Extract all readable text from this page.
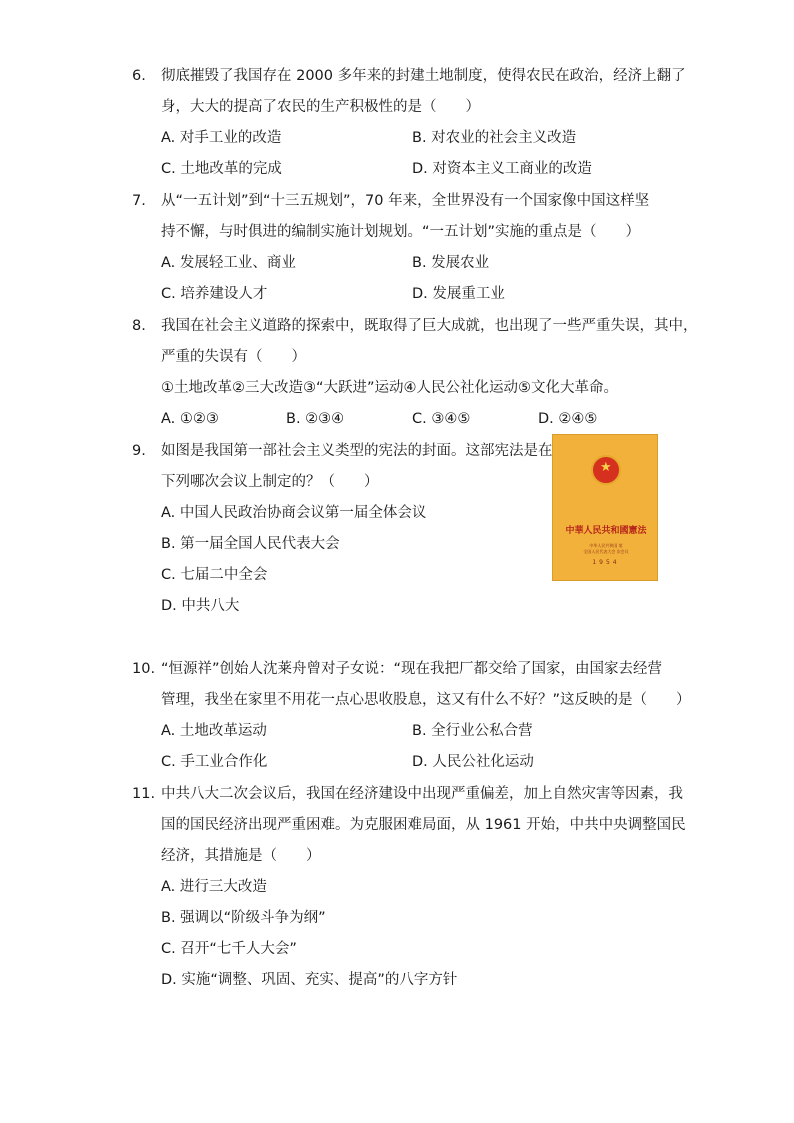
6. 彻底摧毁了我国存在 2000 多年来的封建土地制度，使得农民在政治，经济上翻了
身，大大的提高了农民的生产积极性的是（　　）
A. 对手工业的改造	B. 对农业的社会主义改造
C. 土地改革的完成	D. 对资本主义工商业的改造
7. 从“一五计划”到“十三五规划”，70 年来，全世界没有一个国家像中国这样坚
持不懈，与时俱进的编制实施计划规划。“一五计划”实施的重点是（　　）
A. 发展轻工业、商业	B. 发展农业
C. 培养建设人才	D. 发展重工业
8. 我国在社会主义道路的探索中，既取得了巨大成就，也出现了一些严重失误，其中，
严重的失误有（　　）
①土地改革②三大改造③“大跃进”运动④人民公社化运动⑤文化大革命。
A. ①②③	B. ②③④	C. ③④⑤	D. ②④⑤
9. 如图是我国第一部社会主义类型的宪法的封面。这部宪法是在
下列哪次会议上制定的？（　　）
A. 中国人民政治协商会议第一届全体会议
B. 第一届全国人民代表大会
C. 七届二中全会
D. 中共八大
★
中華人民共和國憲法
中华人民共和国 第
全国人民代表大会 次会议
1954
10. “恒源祥”创始人沈莱舟曾对子女说：“现在我把厂都交给了国家，由国家去经营
管理，我坐在家里不用花一点心思收股息，这又有什么不好？”这反映的是（　　）
A. 土地改革运动	B. 全行业公私合营
C. 手工业合作化	D. 人民公社化运动
11. 中共八大二次会议后，我国在经济建设中出现严重偏差，加上自然灾害等因素，我
国的国民经济出现严重困难。为克服困难局面，从 1961 开始，中共中央调整国民
经济，其措施是（　　）
A. 进行三大改造
B. 强调以“阶级斗争为纲”
C. 召开“七千人大会”
D. 实施“调整、巩固、充实、提高”的八字方针
